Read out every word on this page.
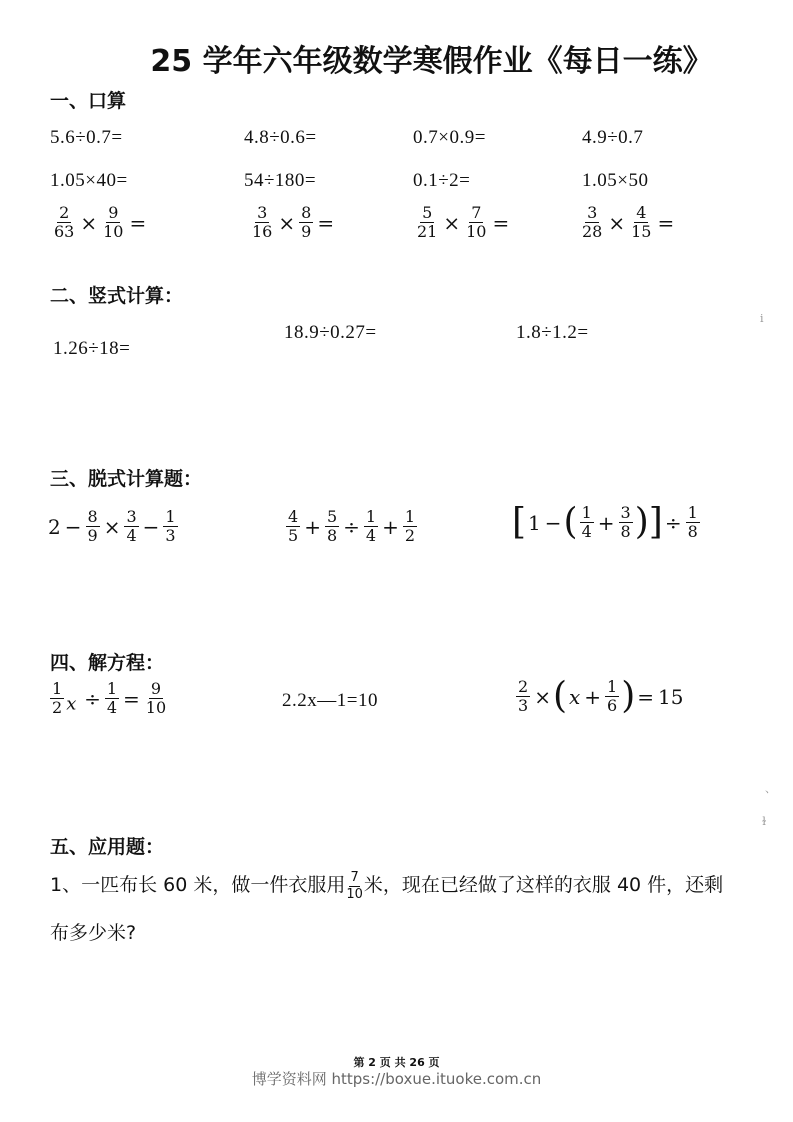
25 学年六年级数学寒假作业《每日一练》
一、口算
5.6÷0.7=	4.8÷0.6=	0.7×0.9=	4.9÷0.7
1.05×40=	54÷180=	0.1÷2=	1.05×50
$\frac{2}{63} \times \frac{9}{10}$ =	$\frac{3}{16} \times \frac{8}{9}$ =	$\frac{5}{21} \times \frac{7}{10}$ =	$\frac{3}{28} \times \frac{4}{15}$ =
二、竖式计算：
1.26÷18=
18.9÷0.27=	1.8÷1.2=
ⅰ
三、脱式计算题：
$2 - \frac{8}{9} \times \frac{3}{4} - \frac{1}{3}$	$\frac{4}{5} + \frac{5}{8} \div \frac{1}{4} + \frac{1}{2}$	[ 1 −( $\frac{1}{4} + \frac{3}{8}$ )] ÷ $\frac{1}{8}$
四、解方程：
$\frac{1}{2}$ $x \div \frac{1}{4} = \frac{9}{10}$	2.2x—1=10	$\frac{2}{3}$ ×( $x + \frac{1}{6}$ ) = 15
、
ɫ
五、应用题：
1、一匹布长 60 米，做一件衣服用 $\frac{7}{10}$ 米，现在已经做了这样的衣服 40 件，还剩
布多少米?
第 2 页 共 26 页
博学资料网 https://boxue.ituoke.com.cn
